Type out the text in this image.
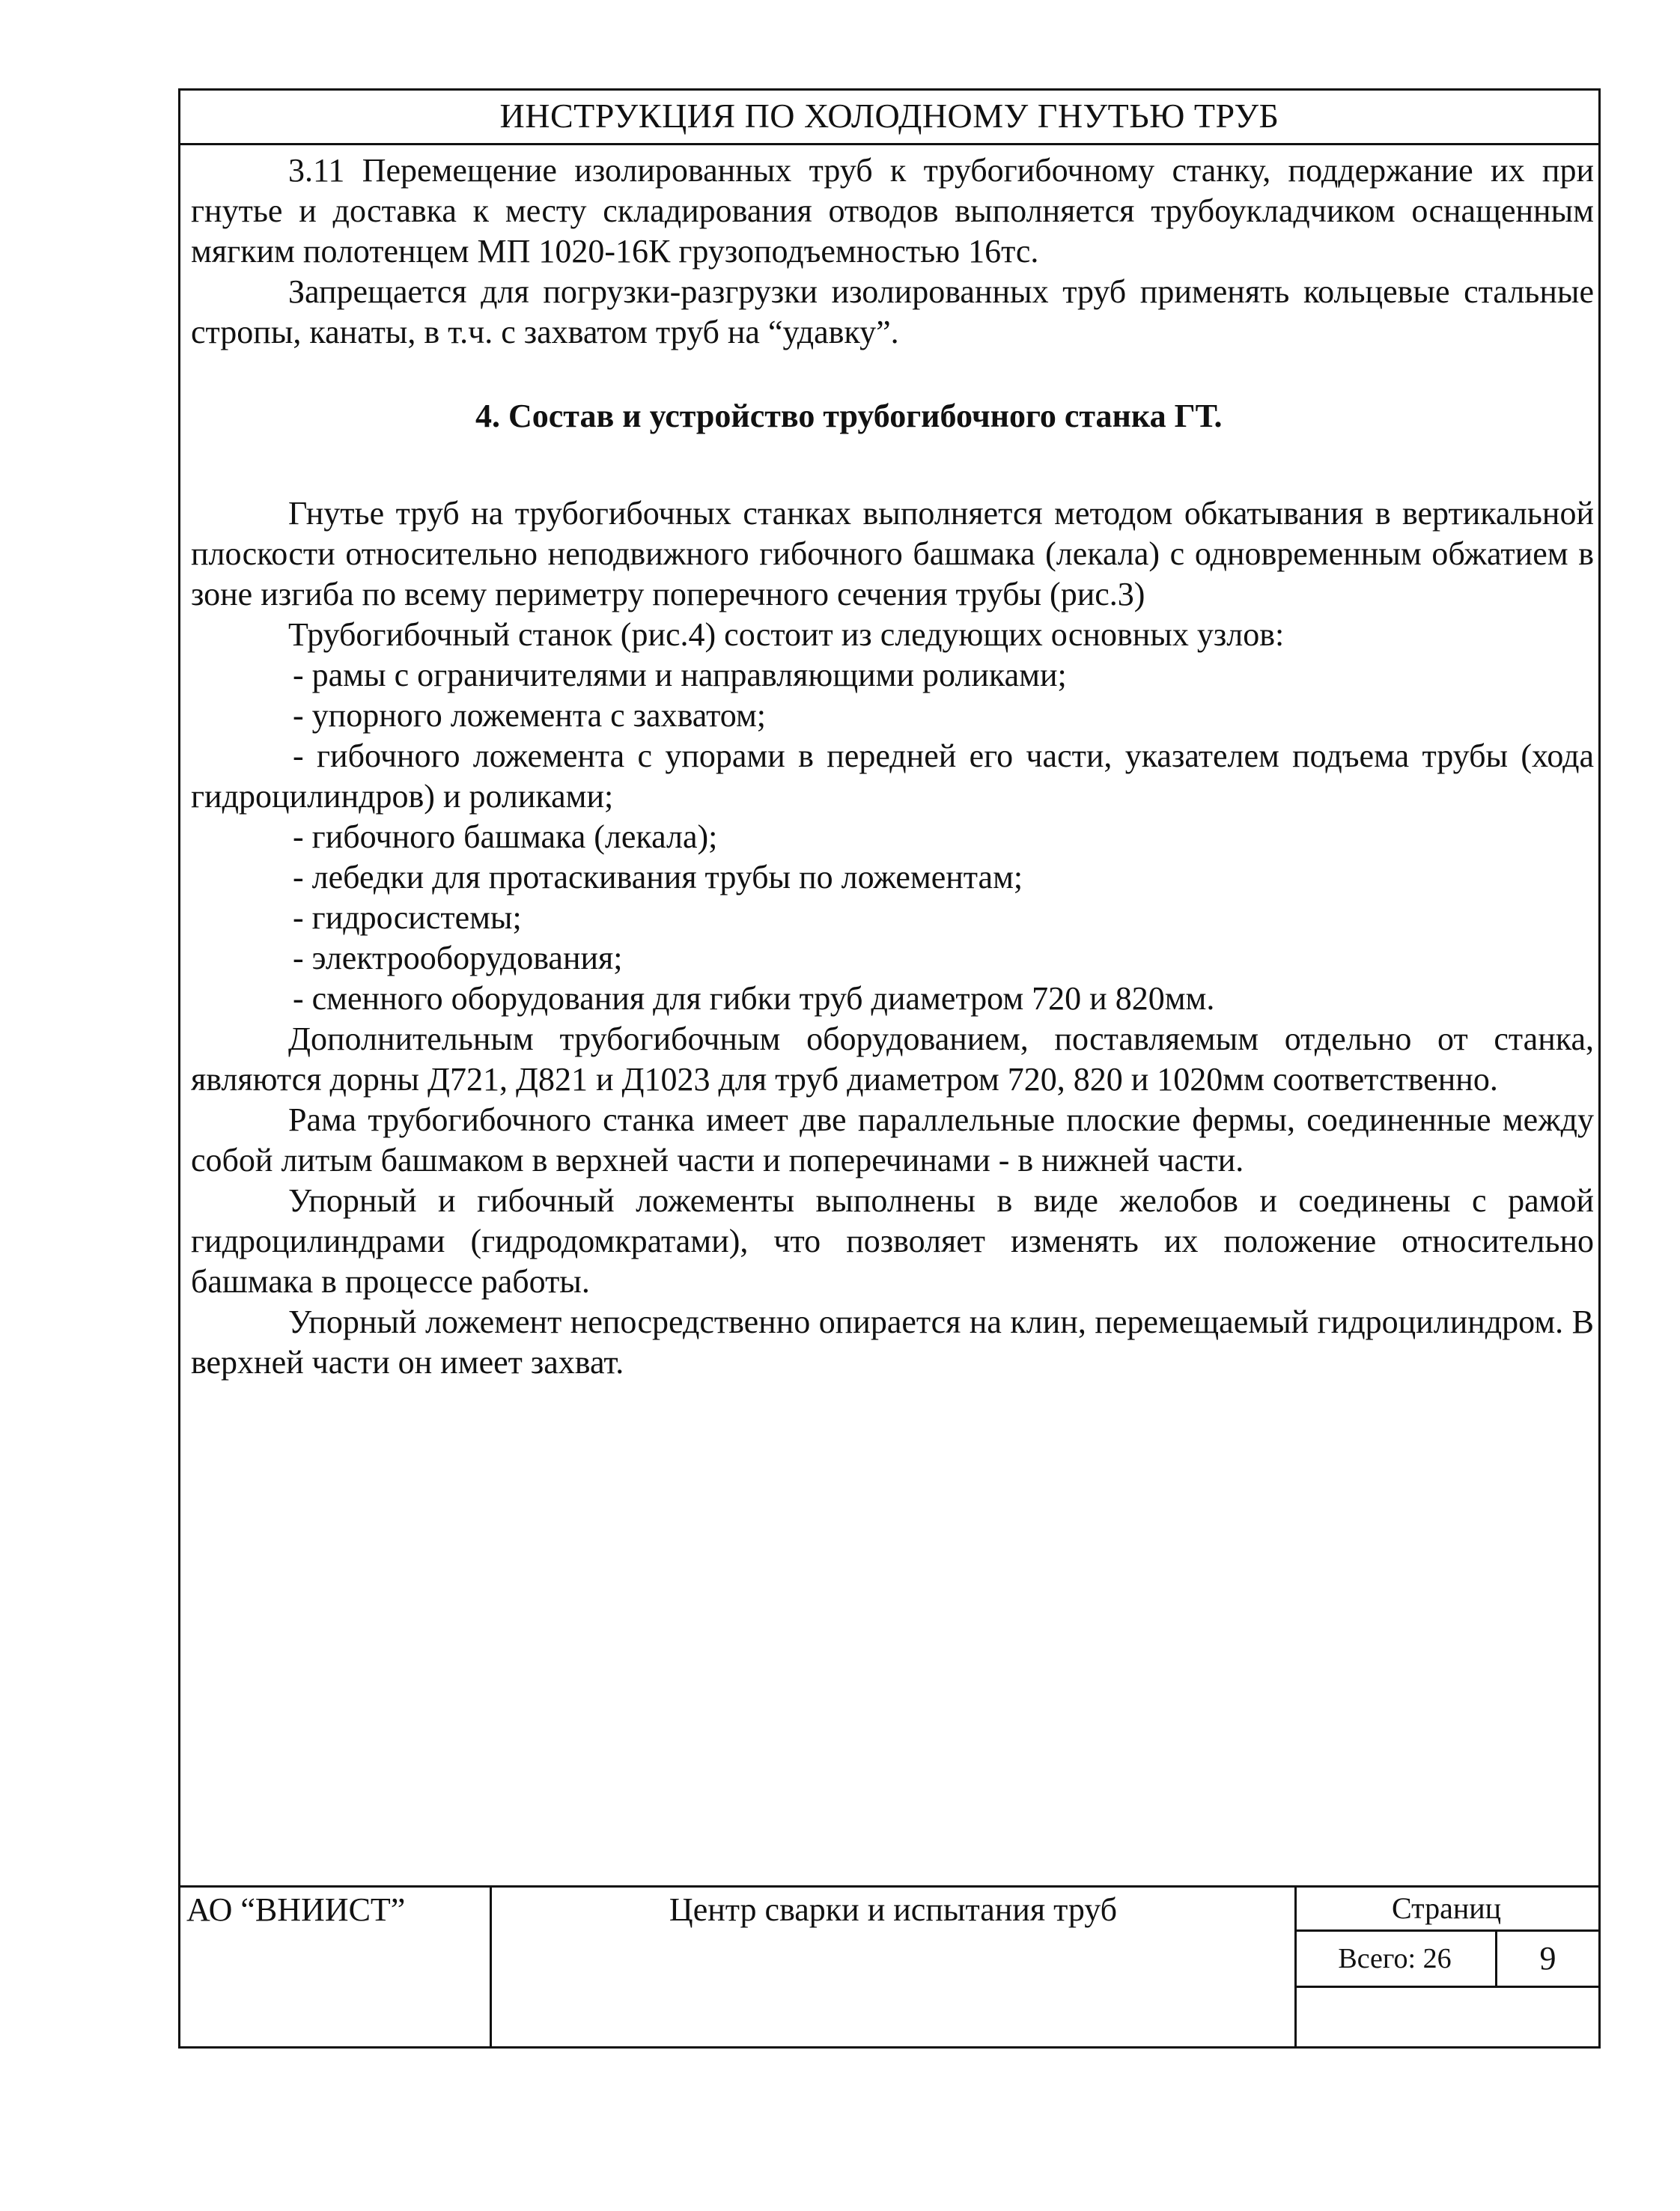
ИНСТРУКЦИЯ ПО ХОЛОДНОМУ ГНУТЬЮ ТРУБ

3.11 Перемещение изолированных труб к трубогибочному станку, поддержание их при гнутье и доставка к месту складирования отводов выполняется трубоукладчиком оснащенным мягким полотенцем МП 1020-16К грузоподъемностью 16тс.

Запрещается для погрузки-разгрузки изолированных труб применять кольцевые стальные стропы, канаты, в т.ч. с захватом труб на “удавку”.

4. Состав и устройство трубогибочного станка ГТ.

Гнутье труб на трубогибочных станках выполняется методом обкатывания в вертикальной плоскости относительно неподвижного гибочного башмака (лекала) с одновременным обжатием в зоне изгиба по всему периметру поперечного сечения трубы (рис.3)

Трубогибочный станок (рис.4) состоит из следующих основных узлов:

- рамы с ограничителями и направляющими роликами;

- упорного ложемента с захватом;

- гибочного ложемента с упорами в передней его части, указателем подъема трубы (хода гидроцилиндров) и роликами;

- гибочного башмака (лекала);

- лебедки для протаскивания трубы по ложементам;

- гидросистемы;

- электрооборудования;

- сменного оборудования для гибки труб диаметром 720 и 820мм.

Дополнительным трубогибочным оборудованием, поставляемым отдельно от станка, являются дорны Д721, Д821 и Д1023 для труб диаметром 720, 820 и 1020мм соответственно.

Рама трубогибочного станка имеет две параллельные плоские фермы, соединенные между собой литым башмаком в верхней части и поперечинами - в нижней части.

Упорный и гибочный ложементы выполнены в виде желобов и соединены с рамой гидроцилиндрами (гидродомкратами), что позволяет изменять их положение относительно башмака в процессе работы.

Упорный ложемент непосредственно опирается на клин, перемещаемый гидроцилиндром. В верхней части он имеет захват.

АО “ВНИИСТ”	Центр сварки и испытания труб	Страниц
Всего: 26	9
